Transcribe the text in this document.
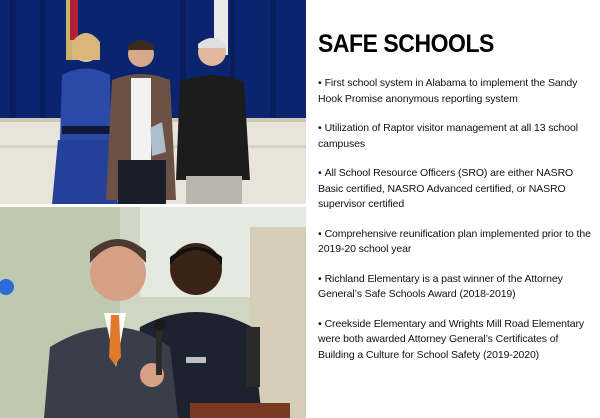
SAFE SCHOOLS
• First school system in Alabama to implement the Sandy Hook Promise anonymous reporting system
• Utilization of Raptor visitor management at all 13 school campuses
• All School Resource Officers (SRO) are either NASRO Basic certified, NASRO Advanced certified, or NASRO supervisor certified
• Comprehensive reunification plan implemented prior to the 2019-20 school year
• Richland Elementary is a past winner of the Attorney General’s Safe Schools Award (2018-2019)
• Creekside Elementary and Wrights Mill Road Elementary were both awarded Attorney General’s Certificates of Building a Culture for School Safety (2019-2020)
